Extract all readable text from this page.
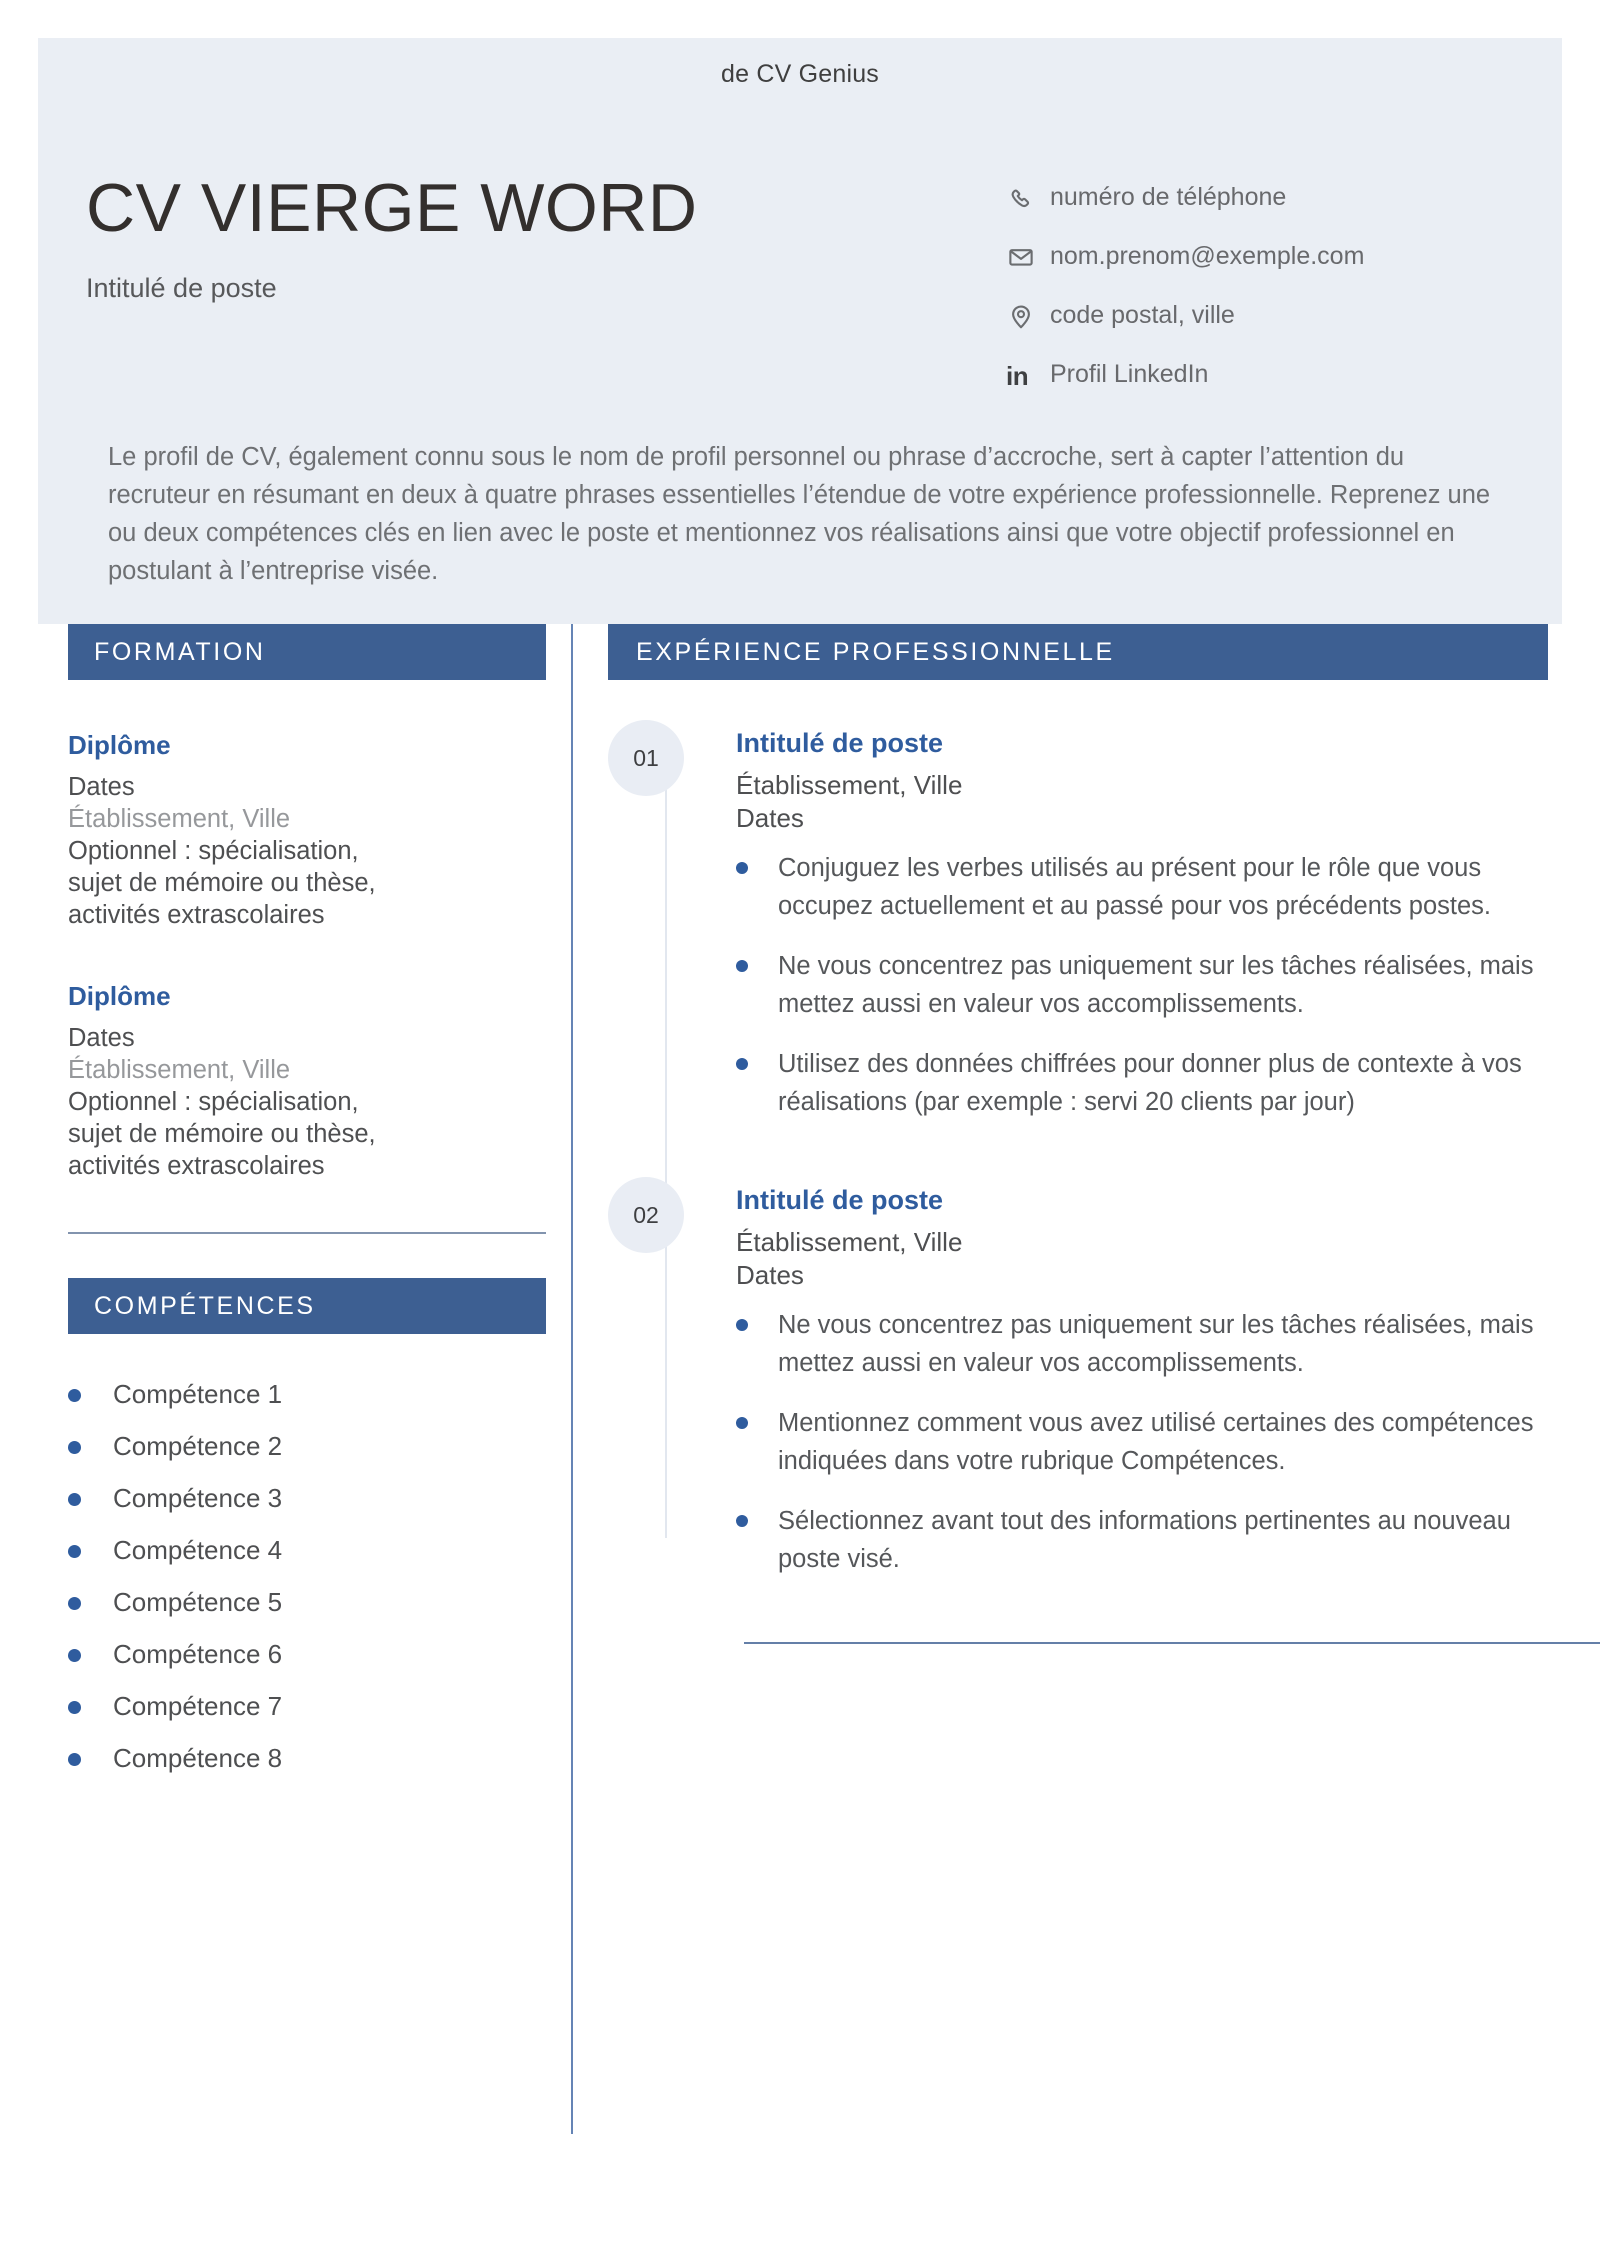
de CV Genius
CV VIERGE WORD
Intitulé de poste
numéro de téléphone
nom.prenom@exemple.com
code postal, ville
in Profil LinkedIn
Le profil de CV, également connu sous le nom de profil personnel ou phrase d’accroche, sert à capter l’attention du recruteur en résumant en deux à quatre phrases essentielles l’étendue de votre expérience professionnelle. Reprenez une ou deux compétences clés en lien avec le poste et mentionnez vos réalisations ainsi que votre objectif professionnel en postulant à l’entreprise visée.
FORMATION
Diplôme
Dates
Établissement, Ville
Optionnel : spécialisation,
sujet de mémoire ou thèse,
activités extrascolaires
Diplôme
Dates
Établissement, Ville
Optionnel : spécialisation,
sujet de mémoire ou thèse,
activités extrascolaires
COMPÉTENCES
Compétence 1
Compétence 2
Compétence 3
Compétence 4
Compétence 5
Compétence 6
Compétence 7
Compétence 8
EXPÉRIENCE PROFESSIONNELLE
01	Intitulé de poste
Établissement, Ville
Dates
Conjuguez les verbes utilisés au présent pour le rôle que vous occupez actuellement et au passé pour vos précédents postes.
Ne vous concentrez pas uniquement sur les tâches réalisées, mais mettez aussi en valeur vos accomplissements.
Utilisez des données chiffrées pour donner plus de contexte à vos réalisations (par exemple : servi 20 clients par jour)
02	Intitulé de poste
Établissement, Ville
Dates
Ne vous concentrez pas uniquement sur les tâches réalisées, mais mettez aussi en valeur vos accomplissements.
Mentionnez comment vous avez utilisé certaines des compétences indiquées dans votre rubrique Compétences.
Sélectionnez avant tout des informations pertinentes au nouveau poste visé.
